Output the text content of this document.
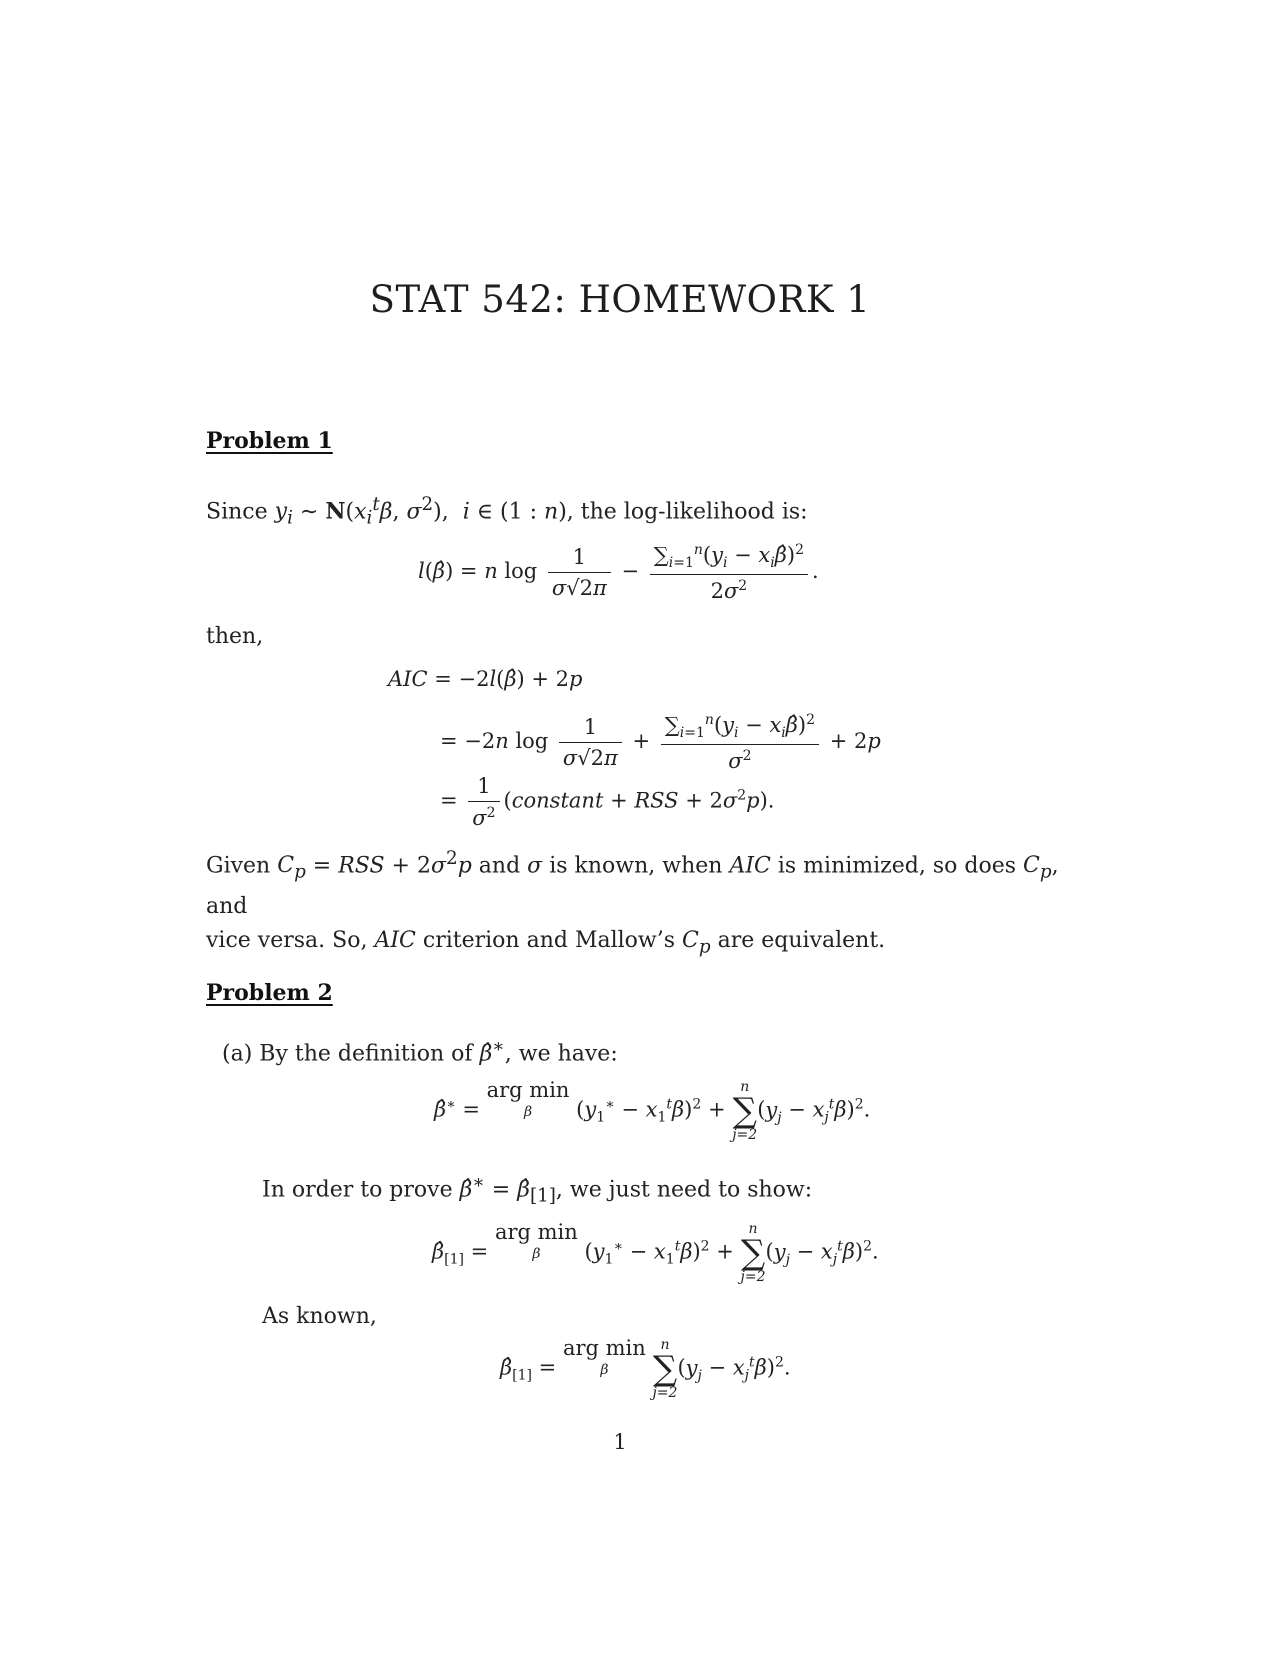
STAT 542: HOMEWORK 1
Problem 1
Since $y_i$ ∼ $N(x_i^t\beta$, $\sigma^2$),  i ∈ (1 : n), the log-likelihood is:
l(β̂) = n $\log \frac{1}{\sigma√2\pi} - \frac{\sum_{i=1}^n(y_i - x_i\betâ)^2}{2\sigma^2}$ .
then,
AIC = −2l(β̂) + 2p
= −2n $\log \frac{1}{\sigma√2\pi} + \frac{\sum_{i=1}^n(y_i - x_i\betâ)^2}{\sigma^2} + 2p$
= $\frac{1}{\sigma^2}$ (constant + RSS + $2\sigma^2p$).
Given $C_p$ = RSS + $2\sigma^2p$ and σ is known, when AIC is minimized, so does $C_p$, and
vice versa. So, AIC criterion and Mallow’s $C_p$ are equivalent.
Problem 2
(a) By the definition of β̂∗, we have:
β̂∗ = arg min
β	$(y_1^∗ - x_1^t\beta)^2$ +
n
∑
j=2
$(y_j - x_j^t\beta)^2$.
In order to prove β̂∗ = $\betâ_{[1]}$, we just need to show:
$\betâ_{[1]}$ = arg min
β	$(y_1^∗ - x_1^t\beta)^2$ +
n
∑
j=2
$(y_j - x_j^t\beta)^2$.
As known,
$\betâ_{[1]}$ = arg min
β

n
∑
j=2
$(y_j - x_j^t\beta)^2$.
1
